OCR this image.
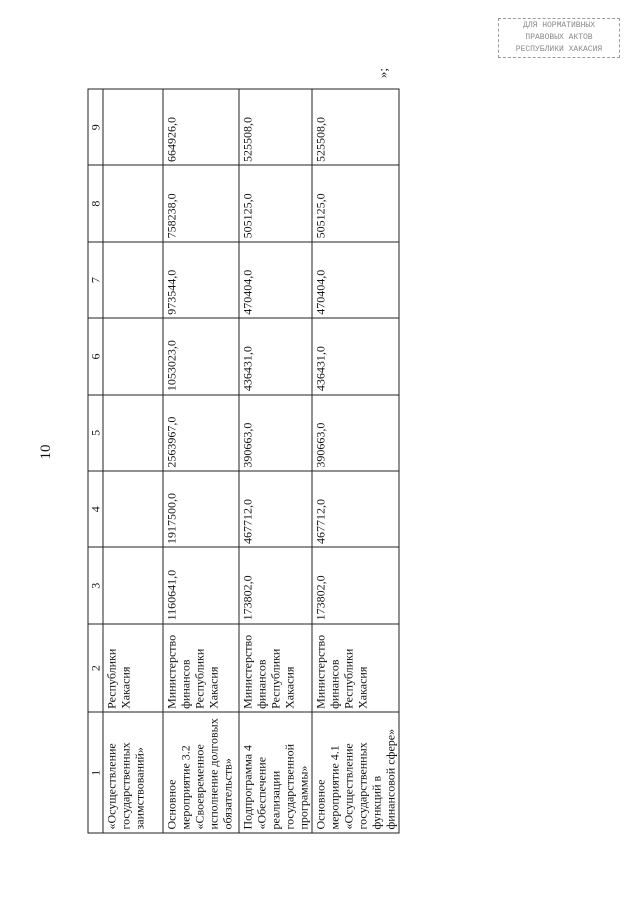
10
ДЛЯ НОРМАТИВНЫХ
ПРАВОВЫХ АКТОВ
РЕСПУБЛИКИ ХАКАСИЯ
»;
1	2	3	4	5	6	7	8	9
«Осуществление государственных заимствований»	Республики Хакасия							
Основное мероприятие 3.2 «Своевременное исполнение долговых обязательств»	Министерство финансов Республики Хакасия	1160641,0	1917500,0	2563967,0	1053023,0	973544,0	758238,0	664926,0
Подпрограмма 4 «Обеспечение реализации государственной программы»	Министерство финансов Республики Хакасия	173802,0	467712,0	390663,0	436431,0	470404,0	505125,0	525508,0
Основное мероприятие 4.1 «Осуществление государственных функций в финансовой сфере»	Министерство финансов Республики Хакасия	173802,0	467712,0	390663,0	436431,0	470404,0	505125,0	525508,0
